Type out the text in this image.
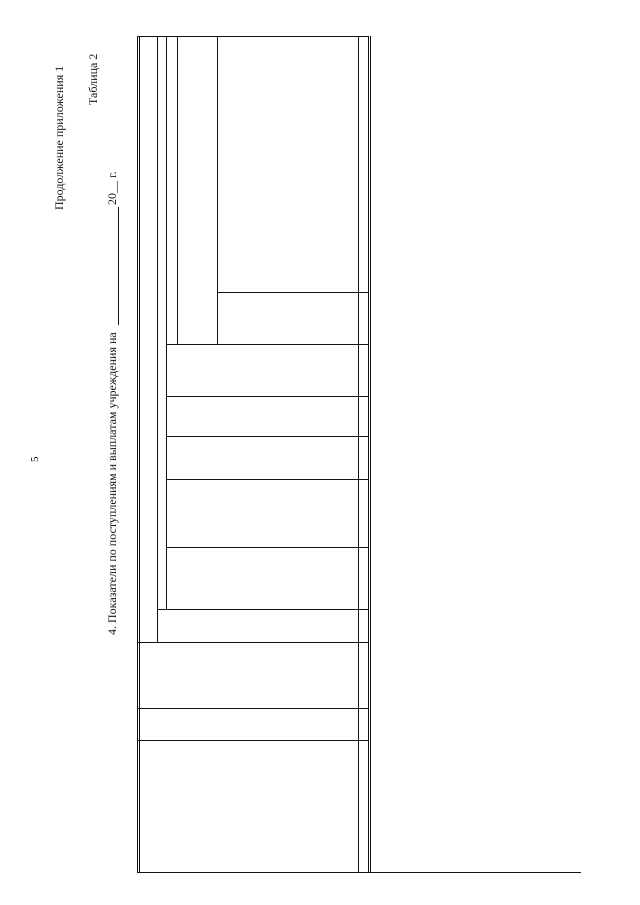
5
Продолжение приложения 1 Таблица 2
4. Показатели по поступлениям и выплатам учреждения на
20__ г.
